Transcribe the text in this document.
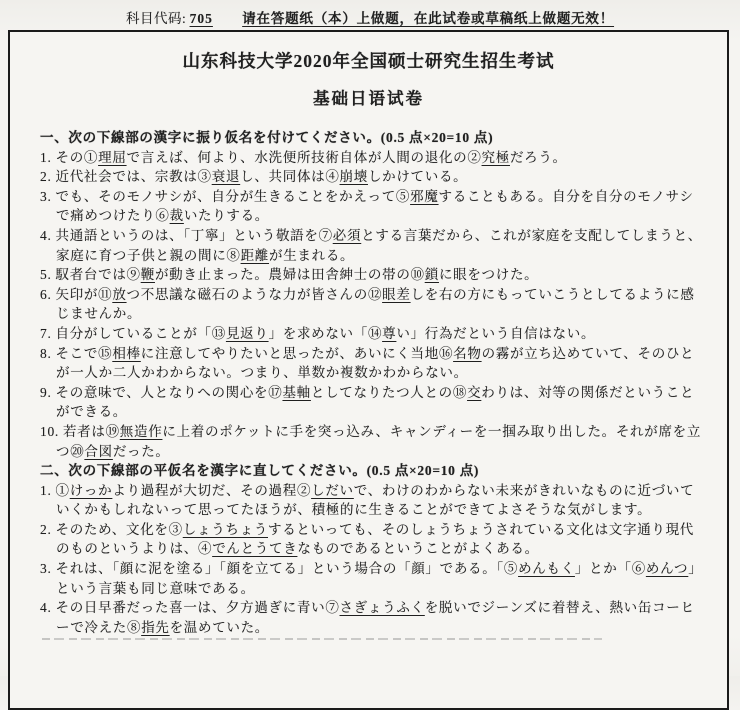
科目代码: 705 请在答题纸（本）上做题，在此试卷或草稿纸上做题无效！

山东科技大学2020年全国硕士研究生招生考试

基础日语试卷

一、次の下線部の漢字に振り仮名を付けてください。(0.5 点×20=10 点)

1. その①理屈で言えば、何より、水洗便所技術自体が人間の退化の②究極だろう。

2. 近代社会では、宗教は③衰退し、共同体は④崩壊しかけている。

3. でも、そのモノサシが、自分が生きることをかえって⑤邪魔することもある。自分を自分のモノサシで痛めつけたり⑥裁いたりする。

4. 共通語というのは、「丁寧」という敬語を⑦必須とする言葉だから、これが家庭を支配してしまうと、家庭に育つ子供と親の間に⑧距離が生まれる。

5. 馭者台では⑨鞭が動き止まった。農婦は田舎紳士の帯の⑩鎖に眼をつけた。

6. 矢印が⑪放つ不思議な磁石のような力が皆さんの⑫眼差しを右の方にもっていこうとしてるように感じませんか。

7. 自分がしていることが「⑬見返り」を求めない「⑭尊い」行為だという自信はない。

8. そこで⑮相棒に注意してやりたいと思ったが、あいにく当地⑯名物の霧が立ち込めていて、そのひとが一人か二人かわからない。つまり、単数か複数かわからない。

9. その意味で、人となりへの関心を⑰基軸としてなりたつ人との⑱交わりは、対等の関係だということができる。

10. 若者は⑲無造作に上着のポケットに手を突っ込み、キャンディーを一掴み取り出した。それが席を立つ⑳合図だった。

二、次の下線部の平仮名を漢字に直してください。(0.5 点×20=10 点)

1. ①けっかより過程が大切だ、その過程②しだいで、わけのわからない未来がきれいなものに近づいていくかもしれないって思ってたほうが、積極的に生きることができてよさそうな気がします。

2. そのため、文化を③しょうちょうするといっても、そのしょうちょうされている文化は文字通り現代のものというよりは、④でんとうてきなものであるということがよくある。

3. それは、「顔に泥を塗る」「顔を立てる」という場合の「顔」である。「⑤めんもく」とか「⑥めんつ」という言葉も同じ意味である。

4. その日早番だった喜一は、夕方過ぎに青い⑦さぎょうふくを脱いでジーンズに着替え、熱い缶コーヒーで冷えた⑧指先を温めていた。
